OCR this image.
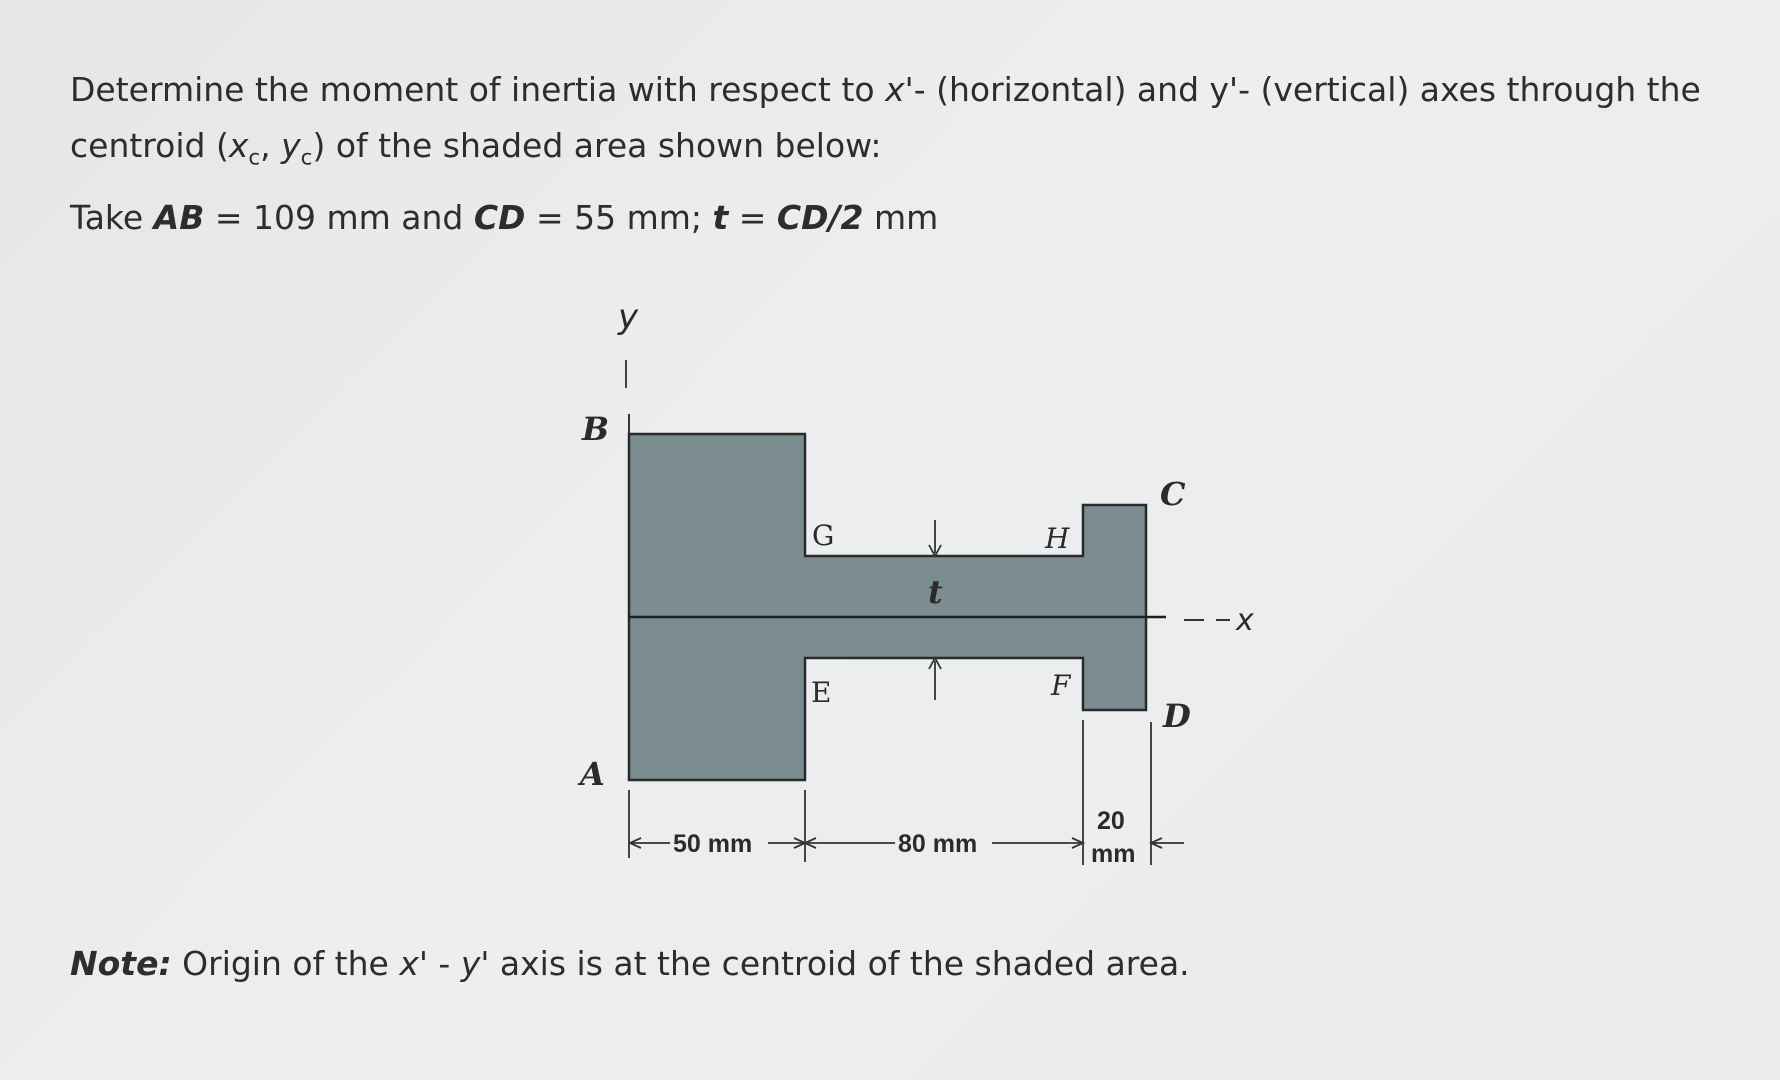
Determine the moment of inertia with respect to x'- (horizontal) and y'- (vertical) axes through the
centroid ($x_c$, $y_c$) of the shaded area shown below:
Take AB = 109 mm and CD = 55 mm; t = CD/2 mm
y
x
B
A
C
D
G	H
E	F
t
50 mm	80 mm
20
mm
Note: Origin of the x' - y' axis is at the centroid of the shaded area.
